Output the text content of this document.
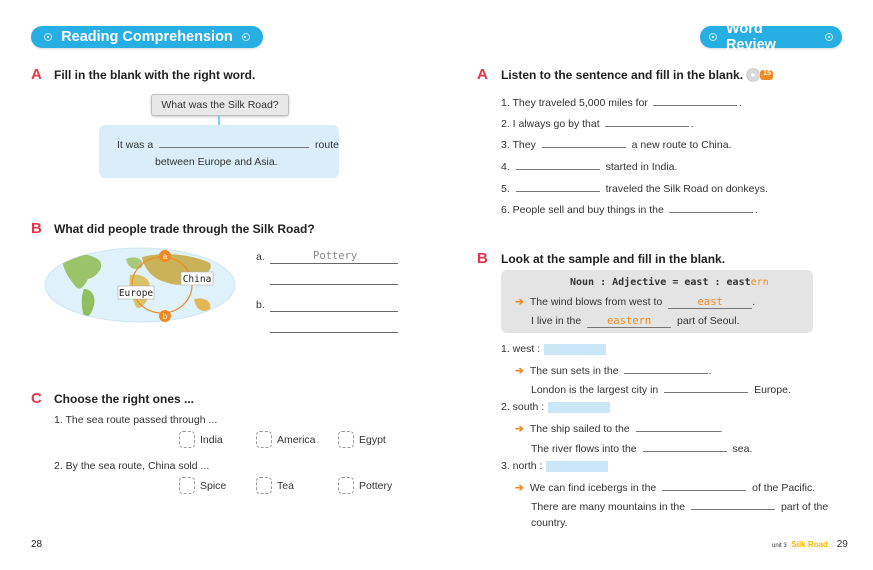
Reading Comprehension	Word Review
A Fill in the blank with the right word.
What was the Silk Road?
It was a	route
between Europe and Asia.
B What did people trade through the Silk Road?
a
b
Europe
China
a.	Pottery
b.
C Choose the right ones ...
1. The sea route passed through ...
India	America	Egypt
2. By the sea route, China sold ...
Spice	Tea	Pottery
28
A Listen to the sentence and fill in the blank.	15
1. They traveled 5,000 miles for	.
2. I always go by that	.
3. They	a new route to China.
4.	started in India.
5.	traveled the Silk Road on donkeys.
6. People sell and buy things in the	.
B Look at the sample and fill in the blank.
Noun : Adjective = east : eastern
➔ The wind blows from west to	east	.
I live in the eastern part of Seoul.
1. west :
➔ The sun sets in the	.
London is the largest city in	Europe.
2. south :
➔ The ship sailed to the	.
The river flows into the	sea.
3. north :
➔ We can find icebergs in the	of the Pacific.
There are many mountains in the	part of the
country.
unit 3 Silk Road 29
